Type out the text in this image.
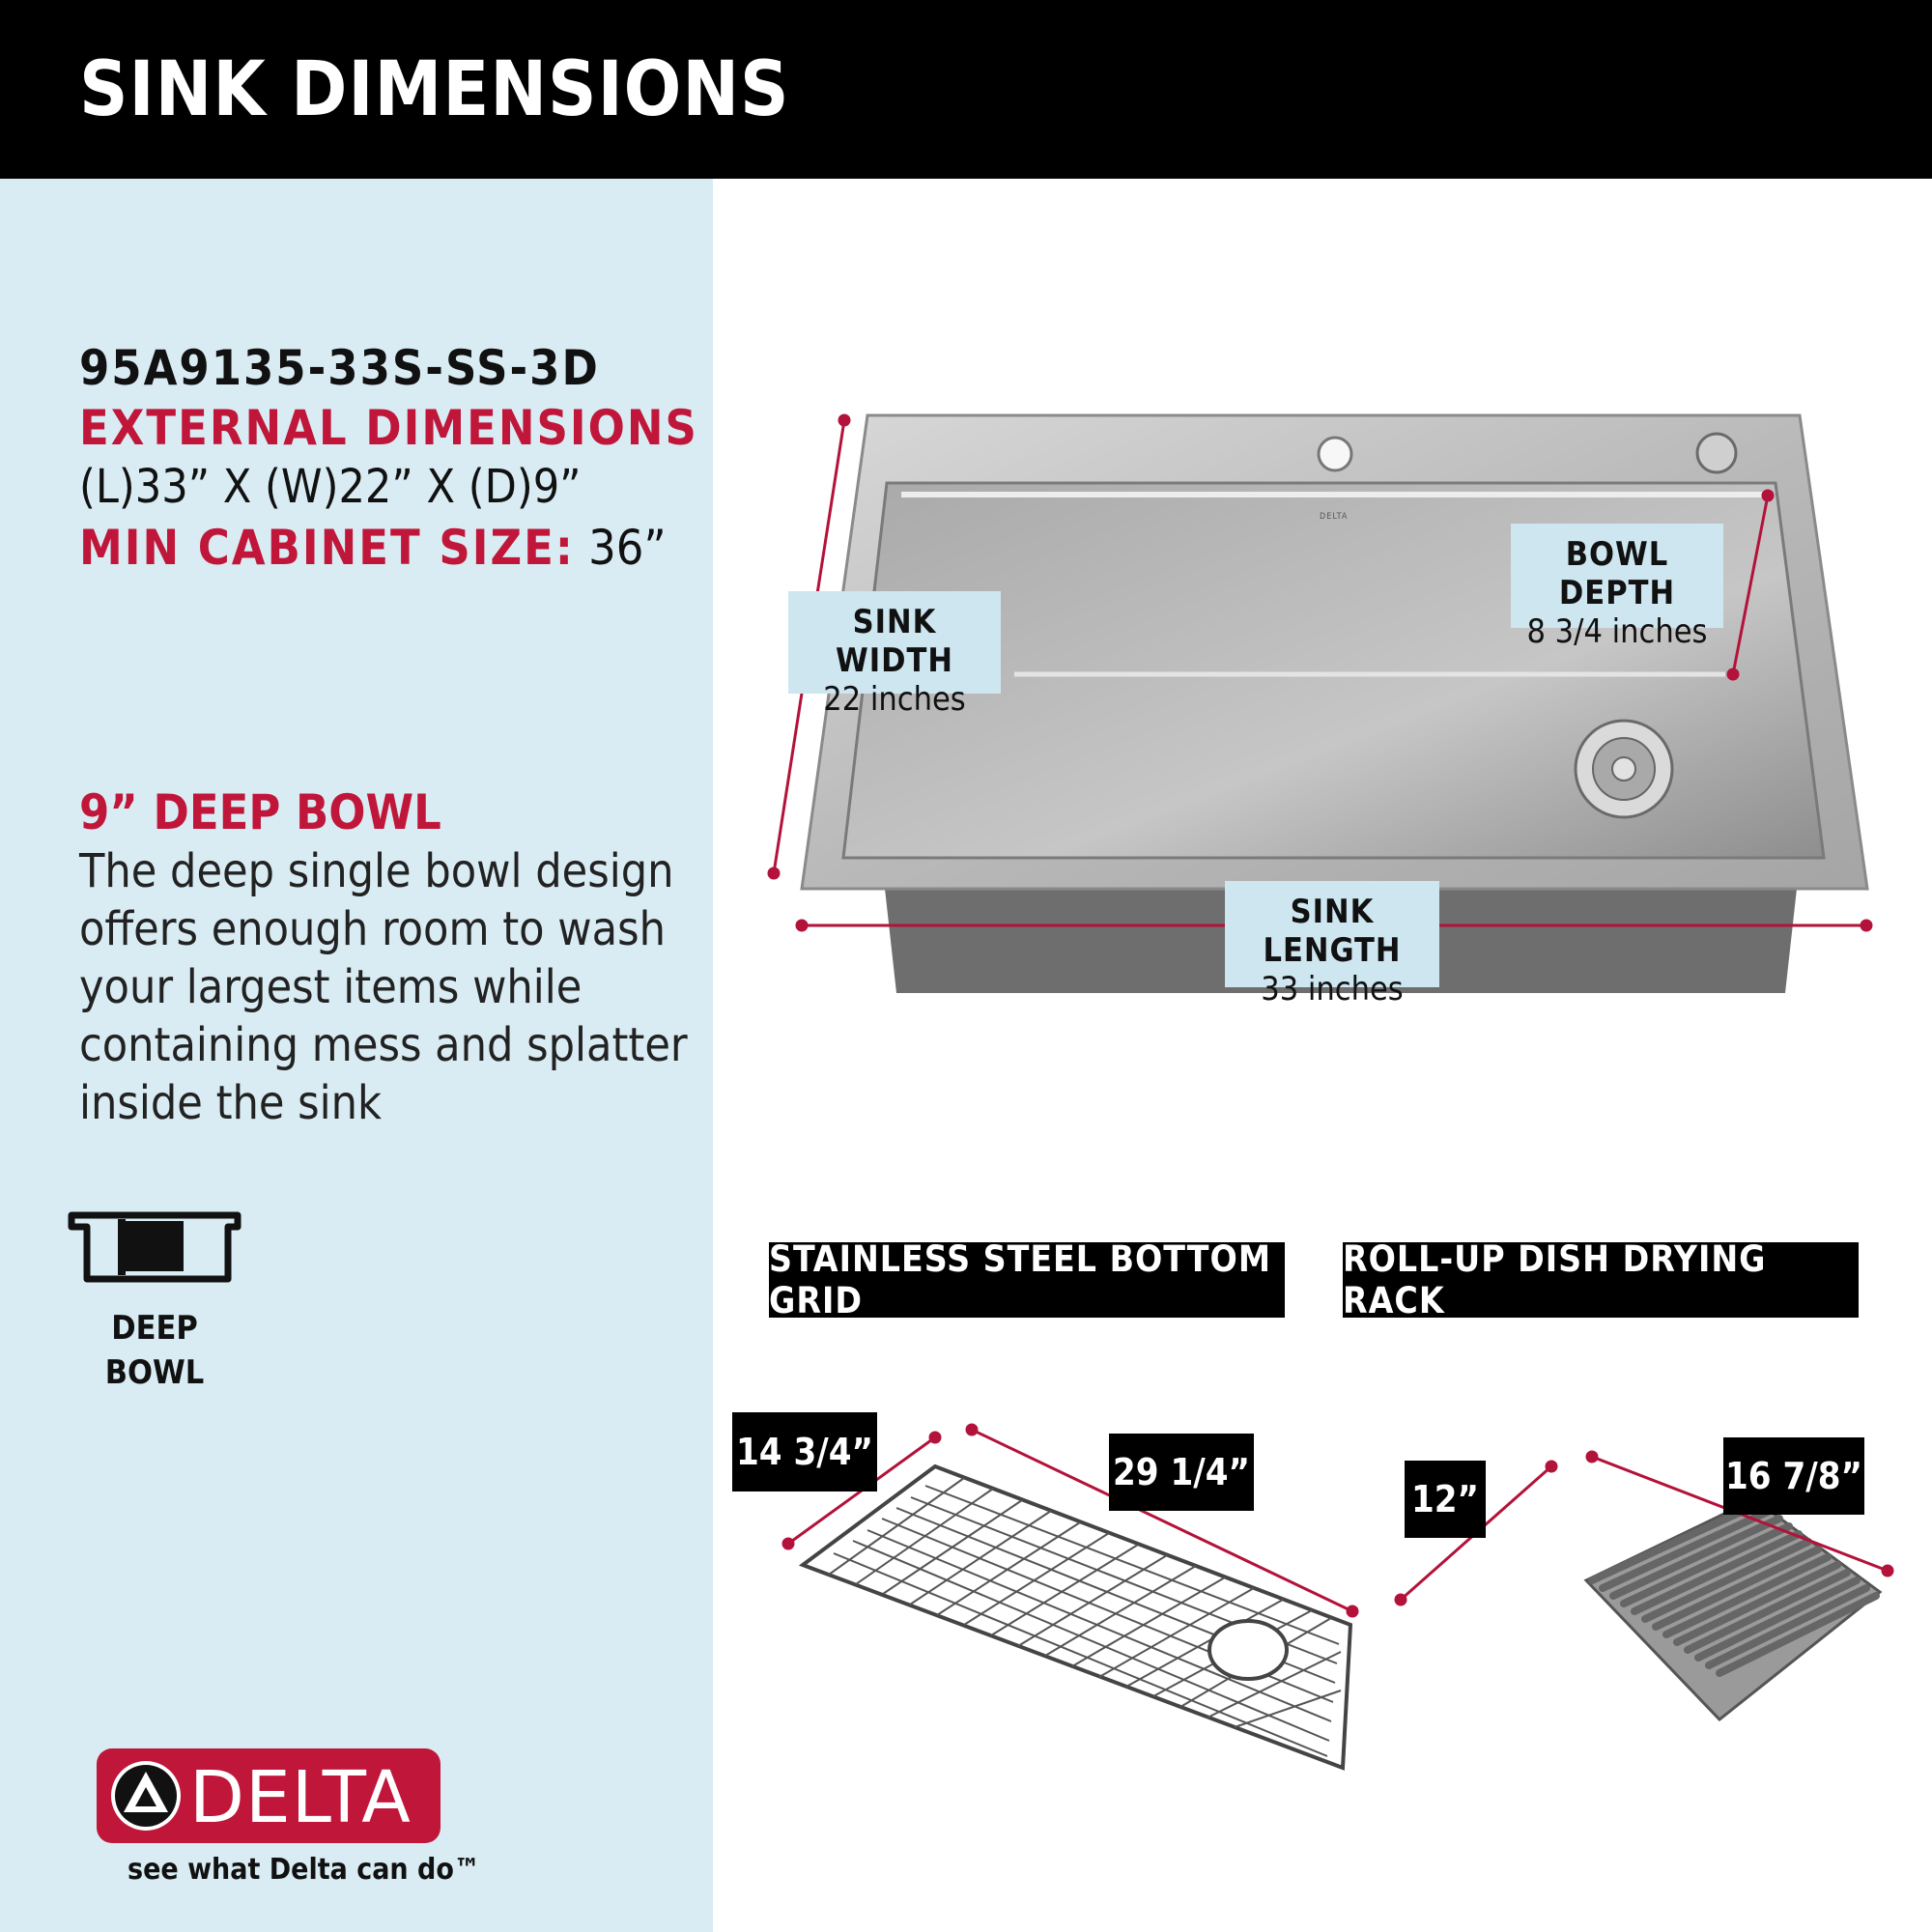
SINK DIMENSIONS
95A9135-33S-SS-3D
EXTERNAL DIMENSIONS
(L)33” X (W)22” X (D)9”
MIN CABINET SIZE: 36”
9” DEEP BOWL
The deep single bowl design offers enough room to wash your largest items while containing mess and splatter inside the sink
DEEP
BOWL
DELTA
see what Delta can do™
SINK WIDTH
22 inches
BOWL DEPTH
8 3/4 inches
SINK LENGTH
33 inches
STAINLESS STEEL BOTTOM GRID
ROLL-UP DISH DRYING RACK
14 3/4”	29 1/4”
12”
16 7/8”
DELTA
